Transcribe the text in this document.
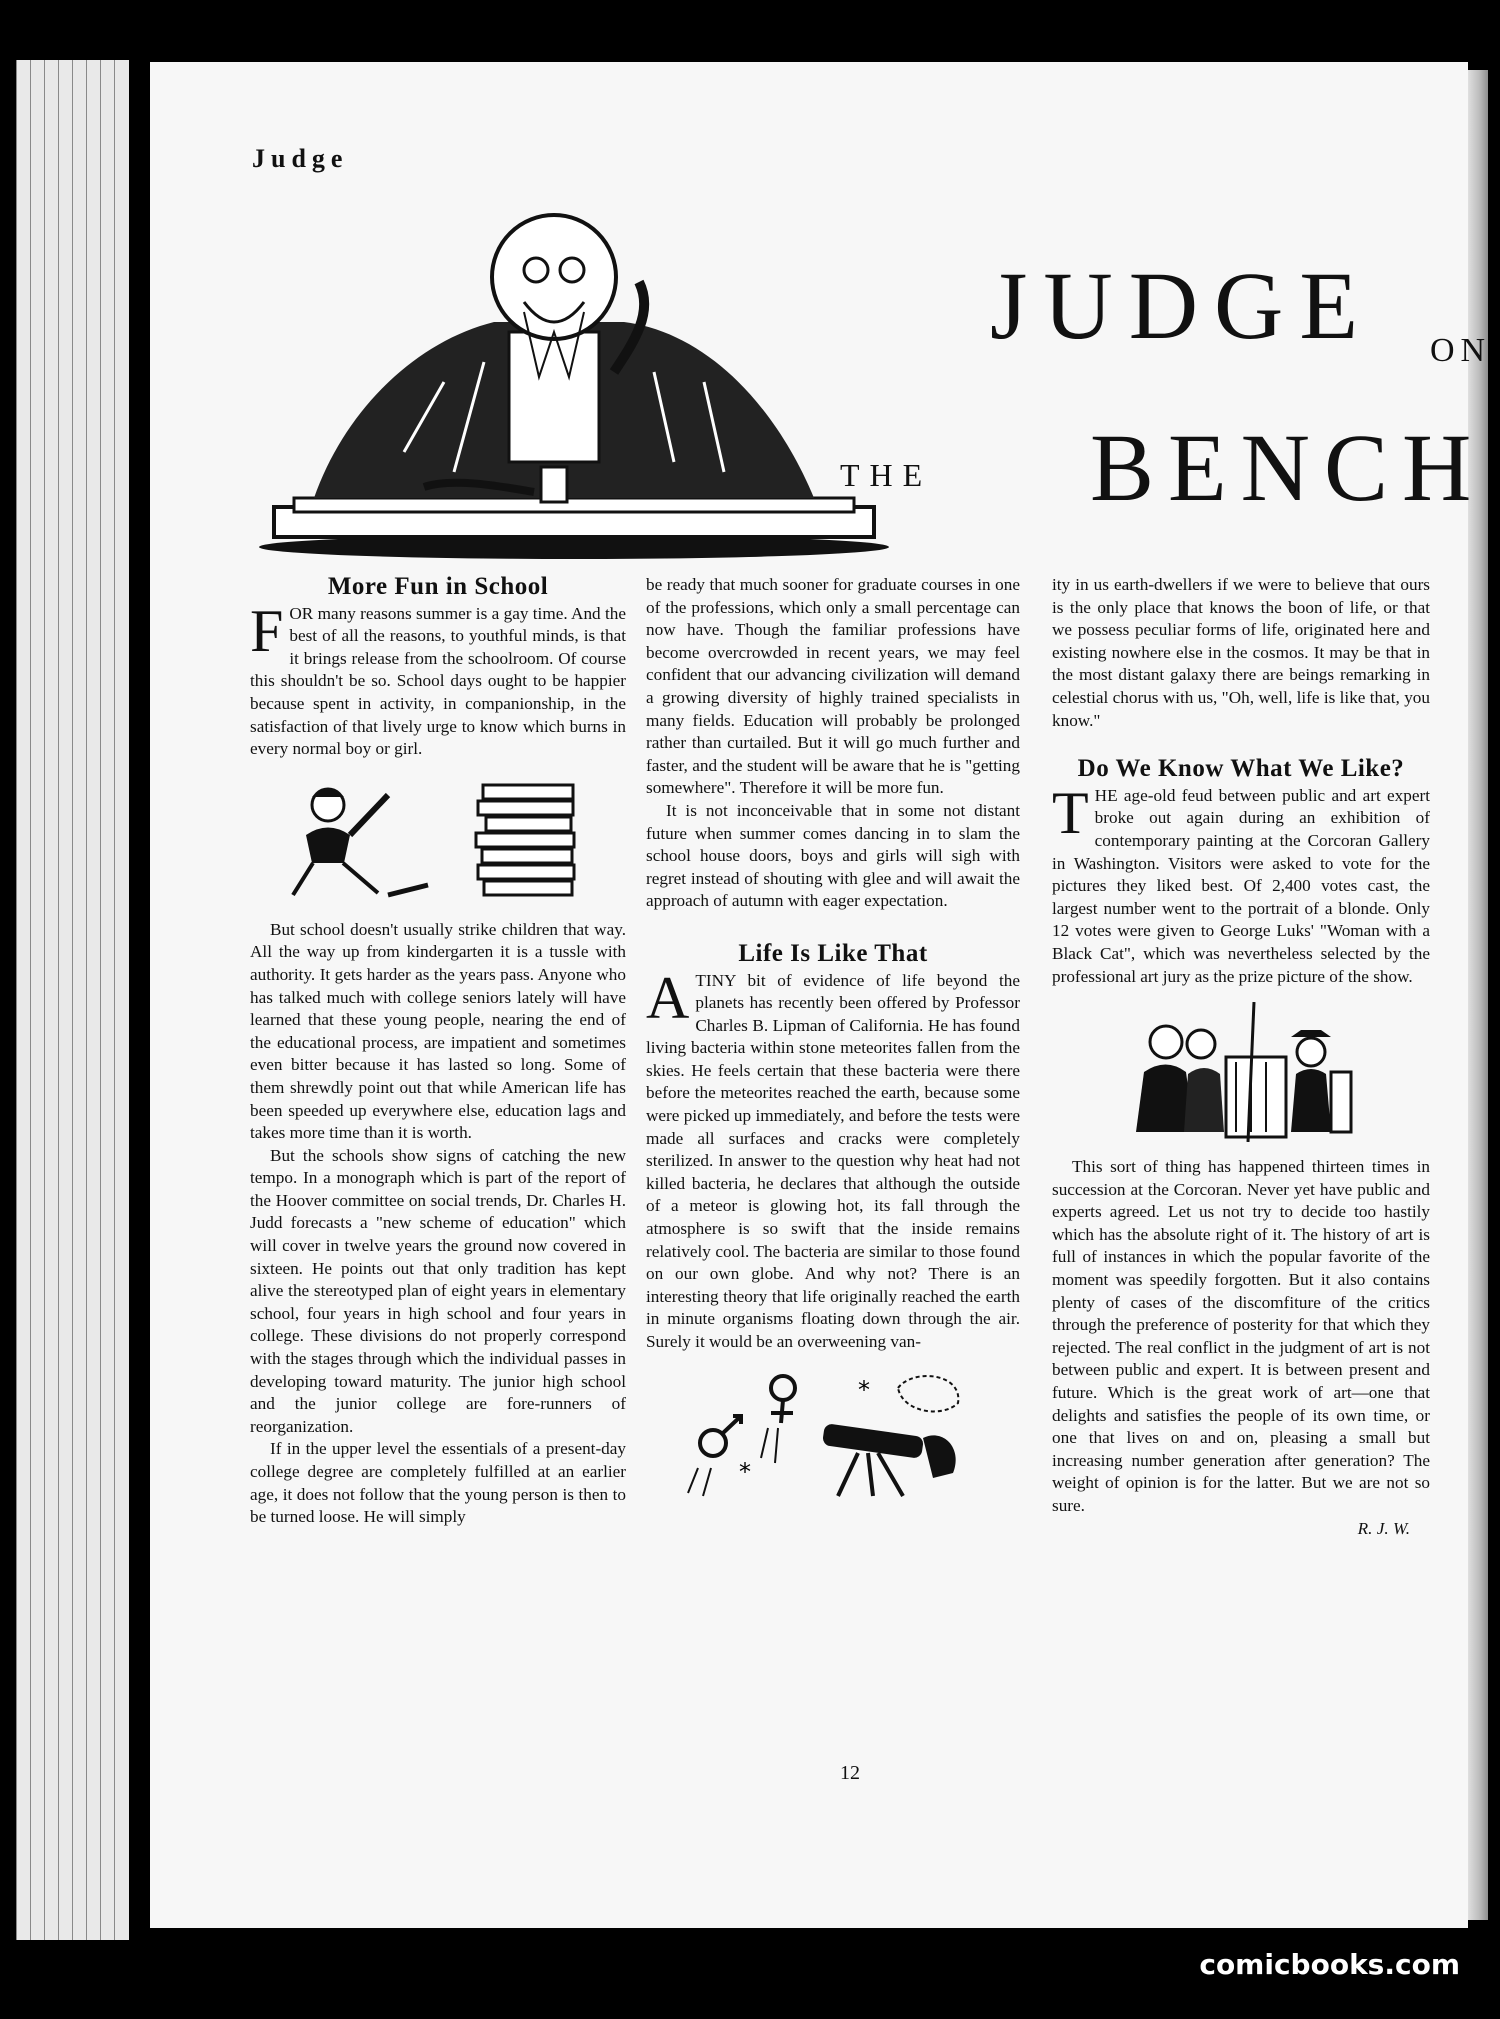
Judge
JUDGE ON
THE BENCH
More Fun in School

FOR many reasons summer is a gay time. And the best of all the reasons, to youthful minds, is that it brings release from the schoolroom. Of course this shouldn't be so. School days ought to be happier because spent in activity, in companionship, in the satisfaction of that lively urge to know which burns in every normal boy or girl.

But school doesn't usually strike children that way. All the way up from kindergarten it is a tussle with authority. It gets harder as the years pass. Anyone who has talked much with college seniors lately will have learned that these young people, nearing the end of the educational process, are impatient and sometimes even bitter because it has lasted so long. Some of them shrewdly point out that while American life has been speeded up everywhere else, education lags and takes more time than it is worth.

But the schools show signs of catching the new tempo. In a monograph which is part of the report of the Hoover committee on social trends, Dr. Charles H. Judd forecasts a "new scheme of education" which will cover in twelve years the ground now covered in sixteen. He points out that only tradition has kept alive the stereotyped plan of eight years in elementary school, four years in high school and four years in college. These divisions do not properly correspond with the stages through which the individual passes in developing toward maturity. The junior high school and the junior college are fore-runners of reorganization.

If in the upper level the essentials of a present-day college degree are completely fulfilled at an earlier age, it does not follow that the young person is then to be turned loose. He will simply

be ready that much sooner for graduate courses in one of the professions, which only a small percentage can now have. Though the familiar professions have become overcrowded in recent years, we may feel confident that our advancing civilization will demand a growing diversity of highly trained specialists in many fields. Education will probably be prolonged rather than curtailed. But it will go much further and faster, and the student will be aware that he is "getting somewhere". Therefore it will be more fun.

It is not inconceivable that in some not distant future when summer comes dancing in to slam the school house doors, boys and girls will sigh with regret instead of shouting with glee and will await the approach of autumn with eager expectation.

Life Is Like That

ATINY bit of evidence of life beyond the planets has recently been offered by Professor Charles B. Lipman of California. He has found living bacteria within stone meteorites fallen from the skies. He feels certain that these bacteria were there before the meteorites reached the earth, because some were picked up immediately, and before the tests were made all surfaces and cracks were completely sterilized. In answer to the question why heat had not killed bacteria, he declares that although the outside of a meteor is glowing hot, its fall through the atmosphere is so swift that the inside remains relatively cool. The bacteria are similar to those found on our own globe. And why not? There is an interesting theory that life originally reached the earth in minute organisms floating down through the air. Surely it would be an overweening van-

*
*

ity in us earth-dwellers if we were to believe that ours is the only place that knows the boon of life, or that we possess peculiar forms of life, originated here and existing nowhere else in the cosmos. It may be that in the most distant galaxy there are beings remarking in celestial chorus with us, "Oh, well, life is like that, you know."

Do We Know What We Like?

THE age-old feud between public and art expert broke out again during an exhibition of contemporary painting at the Corcoran Gallery in Washington. Visitors were asked to vote for the pictures they liked best. Of 2,400 votes cast, the largest number went to the portrait of a blonde. Only 12 votes were given to George Luks' "Woman with a Black Cat", which was nevertheless selected by the professional art jury as the prize picture of the show.

This sort of thing has happened thirteen times in succession at the Corcoran. Never yet have public and experts agreed. Let us not try to decide too hastily which has the absolute right of it. The history of art is full of instances in which the popular favorite of the moment was speedily forgotten. But it also contains plenty of cases of the discomfiture of the critics through the preference of posterity for that which they rejected. The real conflict in the judgment of art is not between public and expert. It is between present and future. Which is the great work of art—one that delights and satisfies the people of its own time, or one that lives on and on, pleasing a small but increasing number generation after generation? The weight of opinion is for the latter. But we are not so sure.

R. J. W.
12
comicbooks.com
